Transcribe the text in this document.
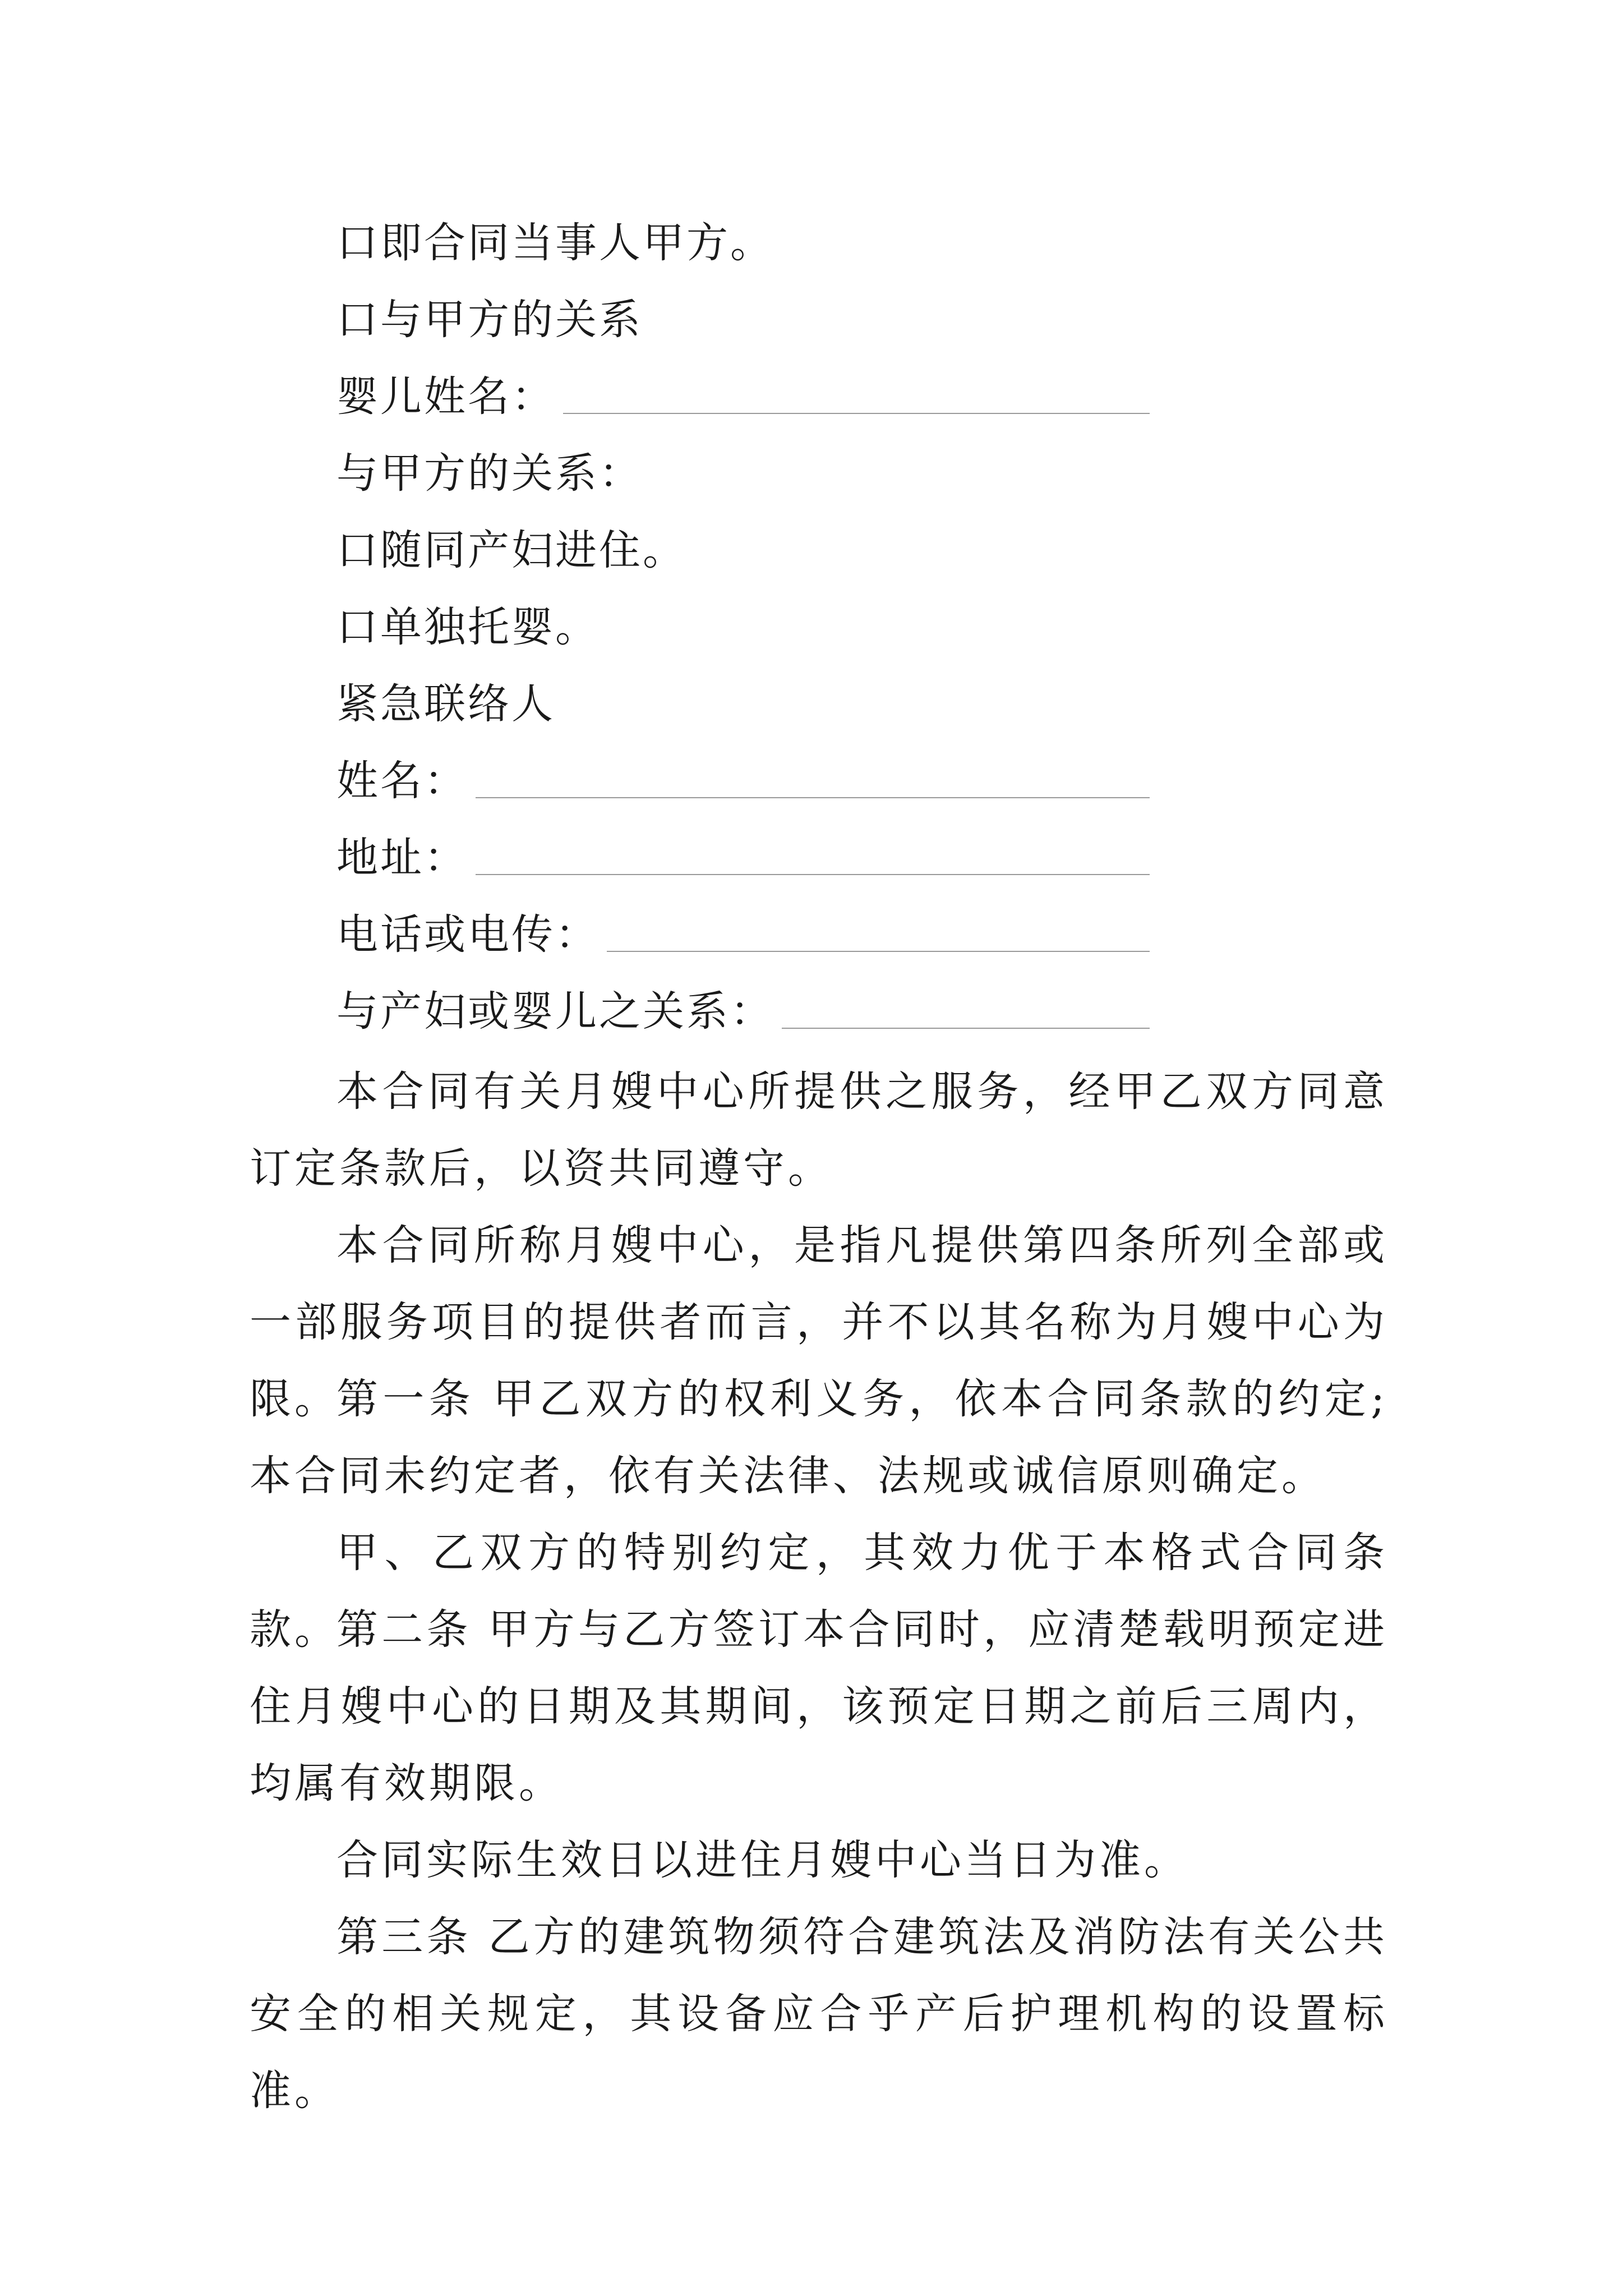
口即合同当事人甲方。
口与甲方的关系
婴儿姓名：
与甲方的关系：
口随同产妇进住。
口单独托婴。
紧急联络人
姓名：
地址：
电话或电传：
与产妇或婴儿之关系：

本合同有关月嫂中心所提供之服务，经甲乙双方同意订定条款后，以资共同遵守。

本合同所称月嫂中心，是指凡提供第四条所列全部或一部服务项目的提供者而言，并不以其名称为月嫂中心为限。

第一条 甲乙双方的权利义务，依本合同条款的约定;本合同未约定者，依有关法律、法规或诚信原则确定。

甲、乙双方的特别约定，其效力优于本格式合同条款。

第二条 甲方与乙方签订本合同时，应清楚载明预定进住月嫂中心的日期及其期间，该预定日期之前后三周内，均属有效期限。

合同实际生效日以进住月嫂中心当日为准。

第三条 乙方的建筑物须符合建筑法及消防法有关公共安全的相关规定，其设备应合乎产后护理机构的设置标准。
